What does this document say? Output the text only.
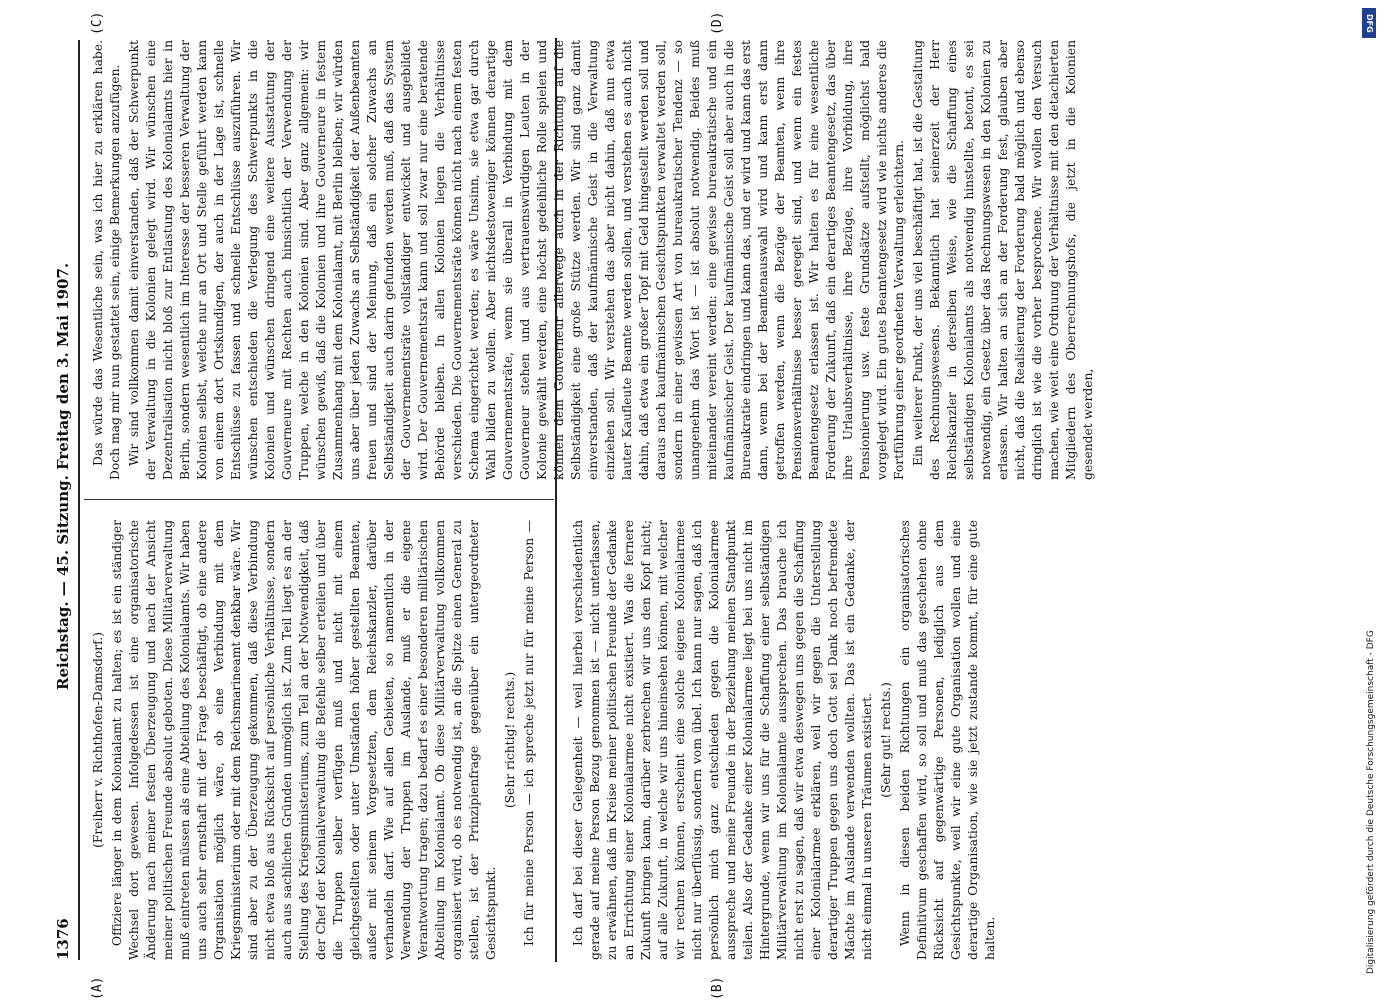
DFG
Digitalisierung gefördert durch die Deutsche Forschungsgemeinschaft - DFG
1376
Reichstag. — 45. Sitzung.
Freitag den 3. Mai 1907.

(Freiherr v. Richthofen-Damsdorf.) Offiziere länger in dem Kolonialamt zu halten; es ist ein ständiger Wechsel dort gewesen. Infolgedessen ist eine organisatorische Änderung nach meiner festen Überzeugung und nach der Ansicht meiner politischen Freunde absolut geboten. Diese Militärverwaltung muß eintreten müssen als eine Abteilung des Kolonialamts. Wir haben uns auch sehr ernsthaft mit der Frage beschäftigt, ob eine andere Organisation möglich wäre, ob eine Verbindung mit dem Kriegsministerium oder mit dem Reichsmarineamt denkbar wäre. Wir sind aber zu der Überzeugung gekommen, daß diese Verbindung nicht etwa bloß aus Rücksicht auf persönliche Verhältnisse, sondern auch aus sachlichen Gründen unmöglich ist. Zum Teil liegt es an der Stellung des Kriegsministeriums, zum Teil an der Notwendigkeit, daß der Chef der Kolonialverwaltung die Befehle selber erteilen und über die Truppen selber verfügen muß und nicht mit einem gleichgestellten oder unter Umständen höher gestellten Beamten, außer mit seinem Vorgesetzten, dem Reichskanzler, darüber verhandeln darf. Wie auf allen Gebieten, so namentlich in der Verwendung der Truppen im Auslande, muß er die eigene Verantwortung tragen; dazu bedarf es einer besonderen militärischen Abteilung im Kolonialamt. Ob diese Militärverwaltung vollkommen organisiert wird, ob es notwendig ist, an die Spitze einen General zu stellen, ist der Prinzipienfrage gegenüber ein untergeordneter Gesichtspunkt.

(Sehr richtig! rechts.)

Ich für meine Person — ich spreche jetzt nur für meine Person —	Ich darf bei dieser Gelegenheit — weil hierbei verschiedentlich gerade auf meine Person Bezug genommen ist — nicht unterlassen, zu erwähnen, daß im Kreise meiner politischen Freunde der Gedanke an Errichtung einer Kolonialarmee nicht existiert. Was die fernere Zukunft bringen kann, darüber zerbrechen wir uns den Kopf nicht; auf alle Zukunft, in welche wir uns hineinsehen können, mit welcher wir rechnen können, erscheint eine solche eigene Kolonialarmee nicht nur überflüssig, sondern vom übel. Ich kann nur sagen, daß ich persönlich mich ganz entschieden gegen die Kolonialarmee ausspreche und meine Freunde in der Beziehung meinen Standpunkt teilen. Also der Gedanke einer Kolonialarmee liegt bei uns nicht im Hintergrunde, wenn wir uns für die Schaffung einer selbständigen Militärverwaltung im Kolonialamte aussprechen. Das brauche ich nicht erst zu sagen, daß wir etwa deswegen uns gegen die Schaffung einer Kolonialarmee erklären, weil wir gegen die Unterstellung derartiger Truppen gegen uns doch Gott sei Dank noch befremdete Mächte im Auslande verwenden wollten. Das ist ein Gedanke, der nicht einmal in unseren Träumen existiert. (Sehr gut! rechts.) Wenn in diesen beiden Richtungen ein organisatorisches Definitivum geschaffen wird, so soll und muß das geschehen ohne Rücksicht auf gegenwärtige Personen, lediglich aus dem Gesichtspunkte, weil wir eine gute Organisation wollen und eine derartige Organisation, wie sie jetzt zustande kommt, für eine gute halten.

Das würde das Wesentliche sein, was ich hier zu erklären habe. Doch mag mir nun gestattet sein, einige Bemerkungen anzufügen. Wir sind vollkommen damit einverstanden, daß der Schwerpunkt der Verwaltung in die Kolonien gelegt wird. Wir wünschen eine Dezentralisation nicht bloß zur Entlastung des Kolonialamts hier in Berlin, sondern wesentlich im Interesse der besseren Verwaltung der Kolonien selbst, welche nur an Ort und Stelle geführt werden kann von einem dort Ortskundigen, der auch in der Lage ist, schnelle Entschlüsse zu fassen und schnelle Entschlüsse auszuführen. Wir wünschen entschieden die Verlegung des Schwerpunkts in die Kolonien und wünschen dringend eine weitere Ausstattung der Gouverneure mit Rechten auch hinsichtlich der Verwendung der Truppen, welche in den Kolonien sind. Aber ganz allgemein: wir wünschen gewiß, daß die Kolonien und ihre Gouverneure in festem Zusammenhang mit dem Kolonialamt, mit Berlin bleiben; wir würden uns aber über jeden Zuwachs an Selbständigkeit der Außenbeamten freuen und sind der Meinung, daß ein solcher Zuwachs an Selbständigkeit auch darin gefunden werden muß, daß das System der Gouvernementsräte vollständiger entwickelt und ausgebildet wird. Der Gouvernementsrat kann und soll zwar nur eine beratende Behörde bleiben. In allen Kolonien liegen die Verhältnisse verschieden. Die Gouvernementsräte können nicht nach einem festen Schema eingerichtet werden; es wäre Unsinn, sie etwa gar durch Wahl bilden zu wollen. Aber nichtsdestoweniger können derartige Gouvernementsräte, wenn sie überall in Verbindung mit dem Gouverneur stehen und aus vertrauenswürdigen Leuten in der Kolonie gewählt werden, eine höchst gedeihliche Rolle spielen und können dem Gouverneur allerwege auch in der Richtung auf die Selbständigkeit eine große Stütze werden. Wir sind ganz damit einverstanden, daß der kaufmännische Geist in die Verwaltung einziehen soll. Wir verstehen das aber nicht dahin, daß nun etwa lauter Kaufleute Beamte werden sollen, und verstehen es auch nicht dahin, daß etwa ein großer Topf mit Geld hingestellt werden soll und daraus nach kaufmännischen Gesichtspunkten verwaltet werden soll, sondern in einer gewissen Art von bureaukratischer Tendenz — so unangenehm das Wort ist — ist absolut notwendig. Beides muß miteinander vereint werden: eine gewisse bureaukratische und ein kaufmännischer Geist. Der kaufmännische Geist soll aber auch in die Bureaukratie eindringen und kann das, und er wird und kann das erst dann, wenn bei der Beamtenauswahl wird und kann erst dann getroffen werden, wenn die Bezüge der Beamten, wenn ihre Pensionsverhältnisse besser geregelt sind, und wenn ein festes Beamtengesetz erlassen ist. Wir halten es für eine wesentliche Forderung der Zukunft, daß ein derartiges Beamtengesetz, das über ihre Urlaubsverhältnisse, ihre Bezüge, ihre Vorbildung, ihre Pensionierung usw. feste Grundsätze aufstellt, möglichst bald vorgelegt wird. Ein gutes Beamtengesetz wird wie nichts anderes die Fortführung einer geordneten Verwaltung erleichtern. Ein weiterer Punkt, der uns viel beschäftigt hat, ist die Gestaltung des Rechnungswesens. Bekanntlich hat seinerzeit der Herr Reichskanzler in derselben Weise, wie die Schaffung eines selbständigen Kolonialamts als notwendig hinstellte, betont, es sei notwendig, ein Gesetz über das Rechnungswesen in den Kolonien zu erlassen. Wir halten an sich an der Forderung fest, glauben aber nicht, daß die Realisierung der Forderung bald möglich und ebenso dringlich ist wie die vorher besprochene. Wir wollen den Versuch machen, wie weit eine Ordnung der Verhältnisse mit den detachierten Mitgliedern des Oberrechnungshofs, die jetzt in die Kolonien gesendet werden,

(A)	(B)
(C)	(D)
